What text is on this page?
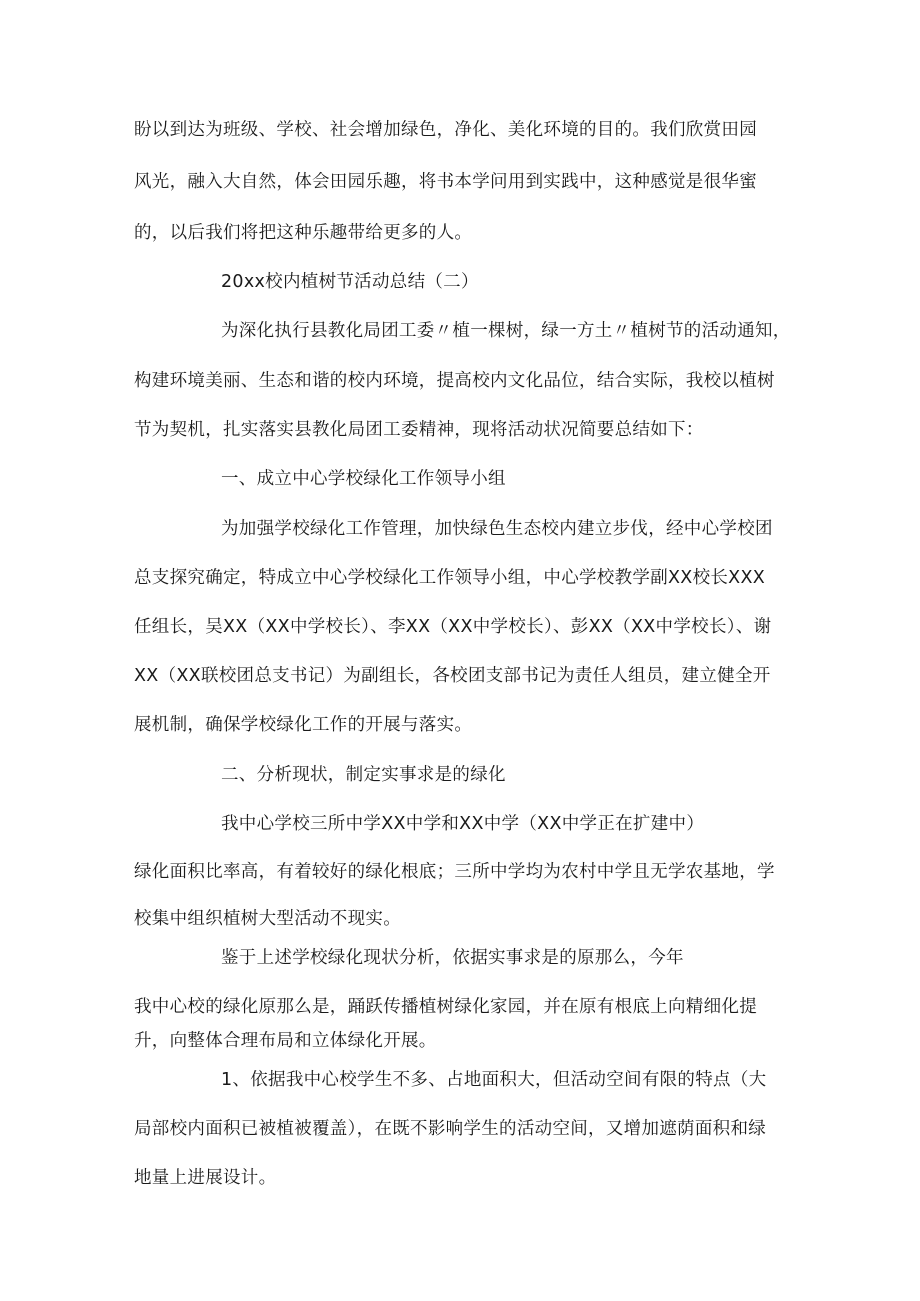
盼以到达为班级、学校、社会增加绿色，净化、美化环境的目的。我们欣赏田园
风光，融入大自然，体会田园乐趣，将书本学问用到实践中，这种感觉是很华蜜
的，以后我们将把这种乐趣带给更多的人。
20xx校内植树节活动总结（二）
为深化执行县教化局团工委〃植一棵树，绿一方土〃植树节的活动通知，
构建环境美丽、生态和谐的校内环境，提高校内文化品位，结合实际，我校以植树
节为契机，扎实落实县教化局团工委精神，现将活动状况简要总结如下：
一、成立中心学校绿化工作领导小组
为加强学校绿化工作管理，加快绿色生态校内建立步伐，经中心学校团
总支探究确定，特成立中心学校绿化工作领导小组，中心学校教学副XX校长XXX
任组长，吴XX（XX中学校长）、李XX（XX中学校长）、彭XX（XX中学校长）、谢
XX（XX联校团总支书记）为副组长，各校团支部书记为责任人组员，建立健全开
展机制，确保学校绿化工作的开展与落实。
二、分析现状，制定实事求是的绿化
我中心学校三所中学XX中学和XX中学（XX中学正在扩建中）
绿化面积比率高，有着较好的绿化根底；三所中学均为农村中学且无学农基地，学
校集中组织植树大型活动不现实。
鉴于上述学校绿化现状分析，依据实事求是的原那么，今年
我中心校的绿化原那么是，踊跃传播植树绿化家园，并在原有根底上向精细化提
升，向整体合理布局和立体绿化开展。
1、依据我中心校学生不多、占地面积大，但活动空间有限的特点（大
局部校内面积已被植被覆盖），在既不影响学生的活动空间，又增加遮荫面积和绿
地量上进展设计。
